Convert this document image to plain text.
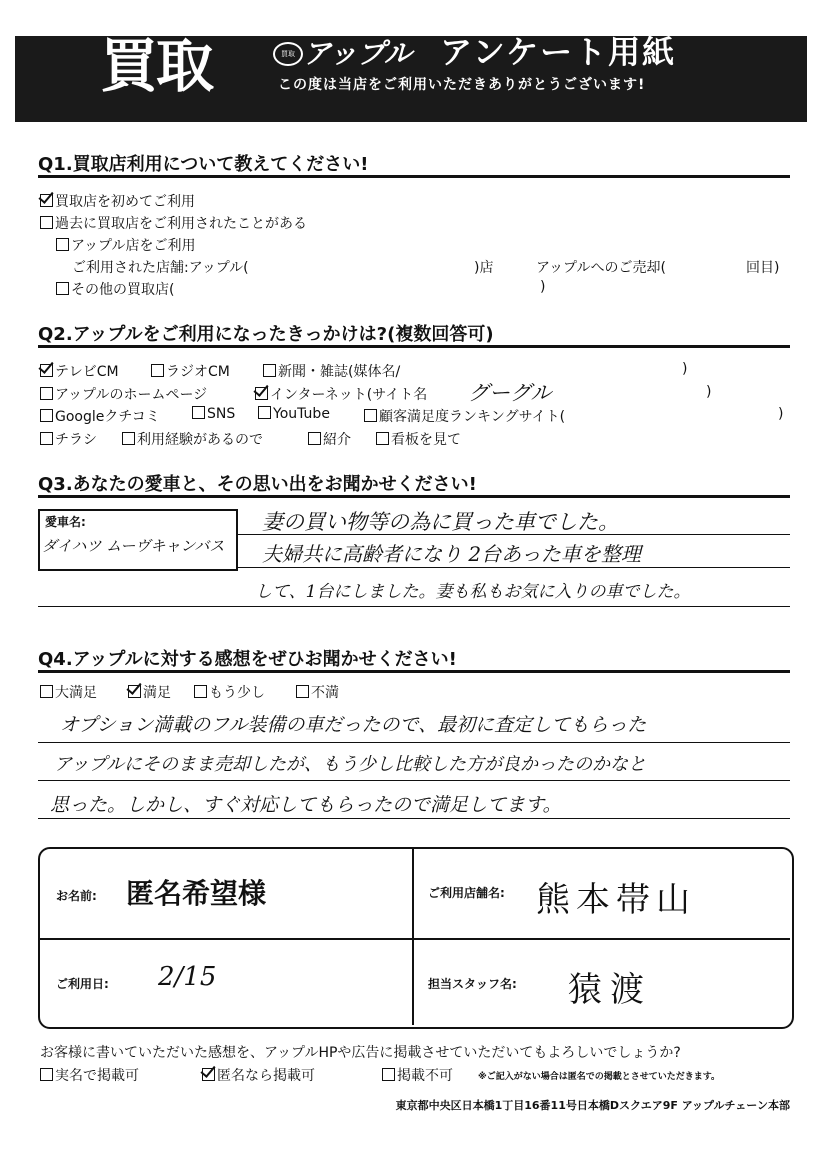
買取	買取 アップル アンケート用紙
この度は当店をご利用いただきありがとうございます!
Q1.買取店利用について教えてください!
買取店を初めてご利用
過去に買取店をご利用されたことがある
アップル店をご利用
ご利用された店舗:アップル(	)店	アップルへのご売却(	回目)
その他の買取店(	)
Q2.アップルをご利用になったきっかけは?(複数回答可)
テレビCM	ラジオCM	新聞・雑誌(媒体名/	)
アップルのホームページ	インターネット(サイト名 グーグル	)
Googleクチコミ	SNS	YouTube	顧客満足度ランキングサイト(	)
チラシ	利用経験があるので	紹介	看板を見て
Q3.あなたの愛車と、その思い出をお聞かせください!
愛車名:
ダイハツ ムーヴキャンバス
妻の買い物等の為に買った車でした。
夫婦共に高齢者になり 2台あった車を整理
して、1台にしました。妻も私もお気に入りの車でした。
Q4.アップルに対する感想をぜひお聞かせください!
大満足	満足	もう少し	不満
オプション満載のフル装備の車だったので、最初に査定してもらった
アップルにそのまま売却したが、もう少し比較した方が良かったのかなと
思った。しかし、すぐ対応してもらったので満足してます。
お名前: 匿名希望様	ご利用店舗名: 熊本帯山
ご利用日: 2/15	担当スタッフ名: 猿渡
お客様に書いていただいた感想を、アップルHPや広告に掲載させていただいてもよろしいでしょうか?
実名で掲載可	匿名なら掲載可	掲載不可	※ご記入がない場合は匿名での掲載とさせていただきます。
東京都中央区日本橋1丁目16番11号日本橋Dスクエア9F アップルチェーン本部
